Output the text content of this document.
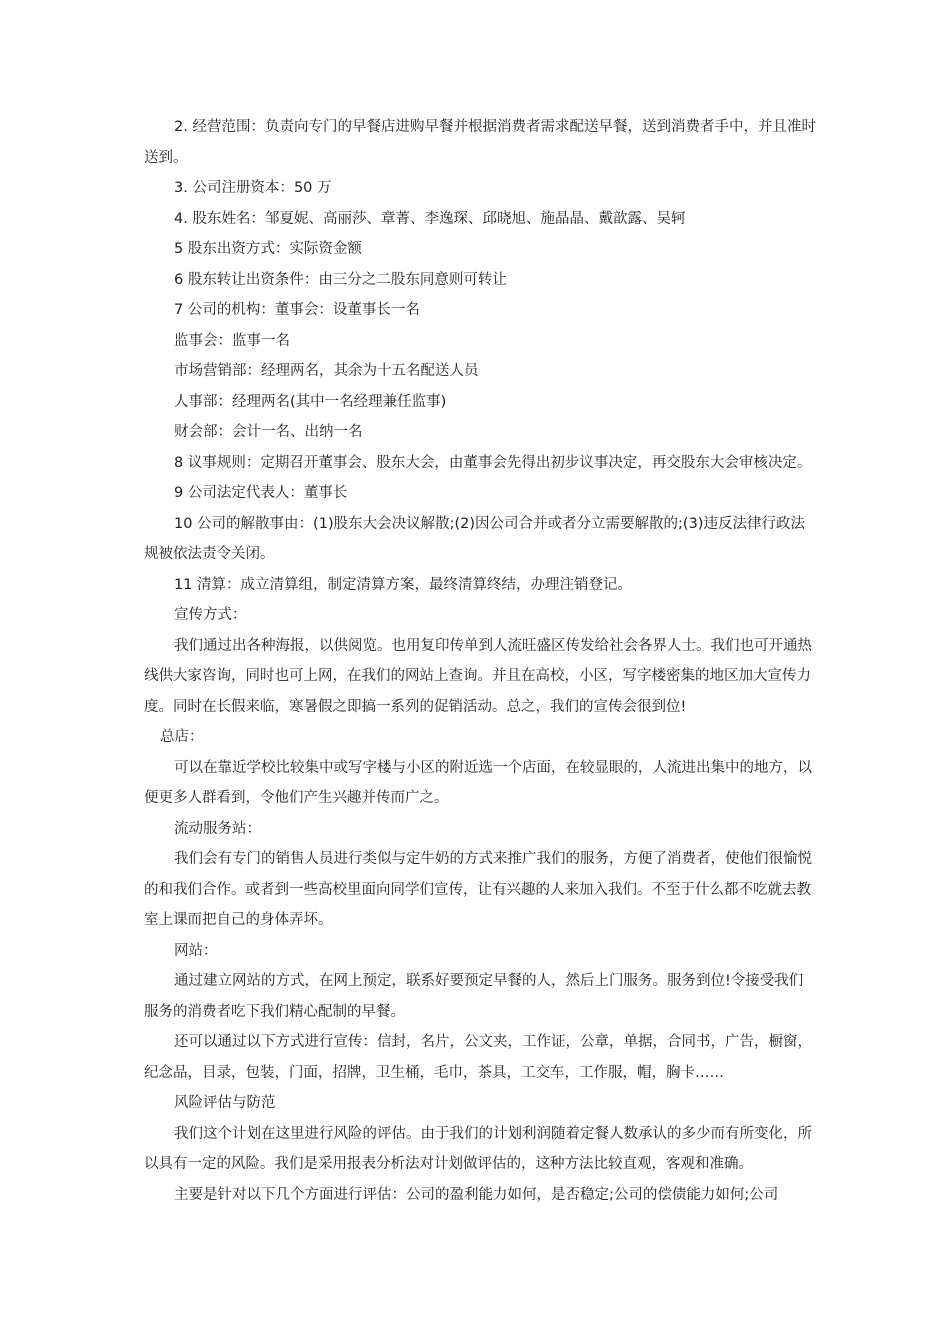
2. 经营范围：负责向专门的早餐店进购早餐并根据消费者需求配送早餐，送到消费者手中，并且准时送到。

3. 公司注册资本：50 万

4. 股东姓名：邹夏妮、高丽莎、章菁、李逸琛、邱晓旭、施晶晶、戴歆露、吴轲

5 股东出资方式：实际资金额

6 股东转让出资条件：由三分之二股东同意则可转让

7 公司的机构：董事会：设董事长一名

监事会：监事一名

市场营销部：经理两名，其余为十五名配送人员

人事部：经理两名(其中一名经理兼任监事)

财会部：会计一名、出纳一名

8 议事规则：定期召开董事会、股东大会，由董事会先得出初步议事决定，再交股东大会审核决定。

9 公司法定代表人：董事长

10 公司的解散事由：(1)股东大会决议解散;(2)因公司合并或者分立需要解散的;(3)违反法律行政法规被依法责令关闭。

11 清算：成立清算组，制定清算方案，最终清算终结，办理注销登记。

宣传方式：

我们通过出各种海报，以供阅览。也用复印传单到人流旺盛区传发给社会各界人士。我们也可开通热线供大家咨询，同时也可上网，在我们的网站上查询。并且在高校，小区，写字楼密集的地区加大宣传力度。同时在长假来临，寒暑假之即搞一系列的促销活动。总之，我们的宣传会很到位!

总店：

可以在靠近学校比较集中或写字楼与小区的附近选一个店面，在较显眼的，人流进出集中的地方，以便更多人群看到，令他们产生兴趣并传而广之。

流动服务站：

我们会有专门的销售人员进行类似与定牛奶的方式来推广我们的服务，方便了消费者，使他们很愉悦的和我们合作。或者到一些高校里面向同学们宣传，让有兴趣的人来加入我们。不至于什么都不吃就去教室上课而把自己的身体弄坏。

网站：

通过建立网站的方式，在网上预定，联系好要预定早餐的人，然后上门服务。服务到位!令接受我们服务的消费者吃下我们精心配制的早餐。

还可以通过以下方式进行宣传：信封，名片，公文夹，工作证，公章，单据，合同书，广告，橱窗，纪念品，目录，包装，门面，招牌，卫生桶，毛巾，茶具，工交车，工作服，帽，胸卡……

风险评估与防范

我们这个计划在这里进行风险的评估。由于我们的计划利润随着定餐人数承认的多少而有所变化，所以具有一定的风险。我们是采用报表分析法对计划做评估的，这种方法比较直观，客观和准确。

主要是针对以下几个方面进行评估：公司的盈利能力如何，是否稳定;公司的偿债能力如何;公司
